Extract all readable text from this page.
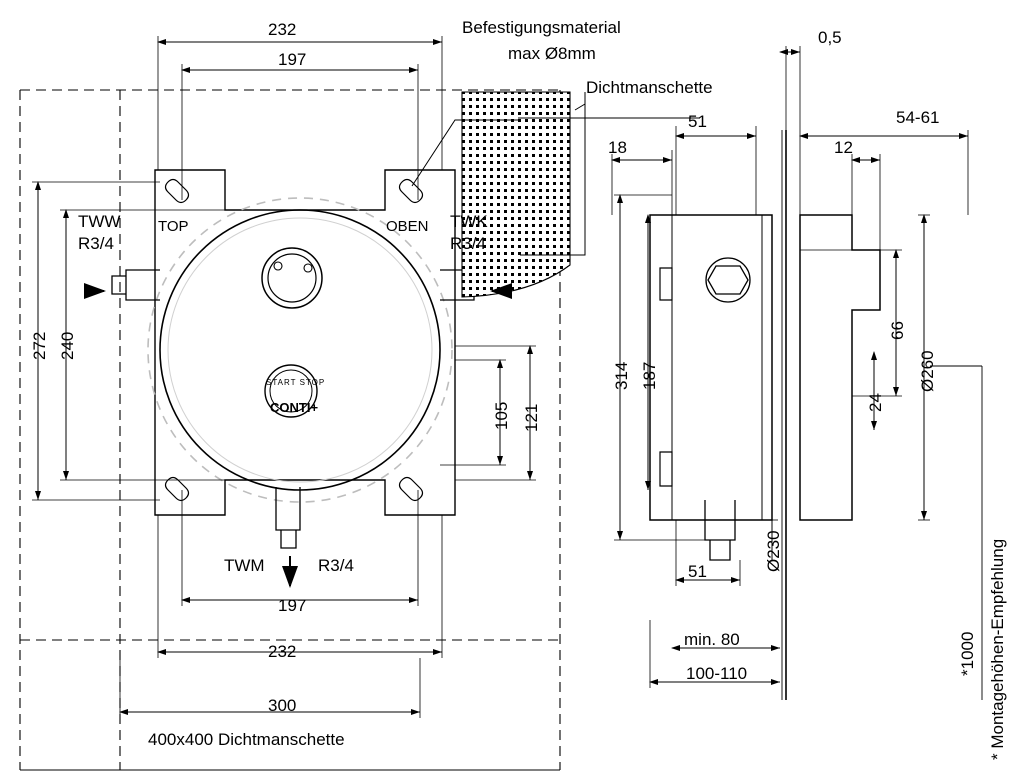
232
197
197
232
300
272 240
105 121
TWW
R3/4
TOP	OBEN TWK
R3/4
TWM	R3/4
400x400 Dichtmanschette
START STOP
CONTI+
Befestigungsmaterial
max Ø8mm
Dichtmanschette
18
51
314 187
51
min. 80
100-110
Ø230
0,5
54-61
12
66
24
Ø260
*1000 * Montagehöhen-Empfehlung
